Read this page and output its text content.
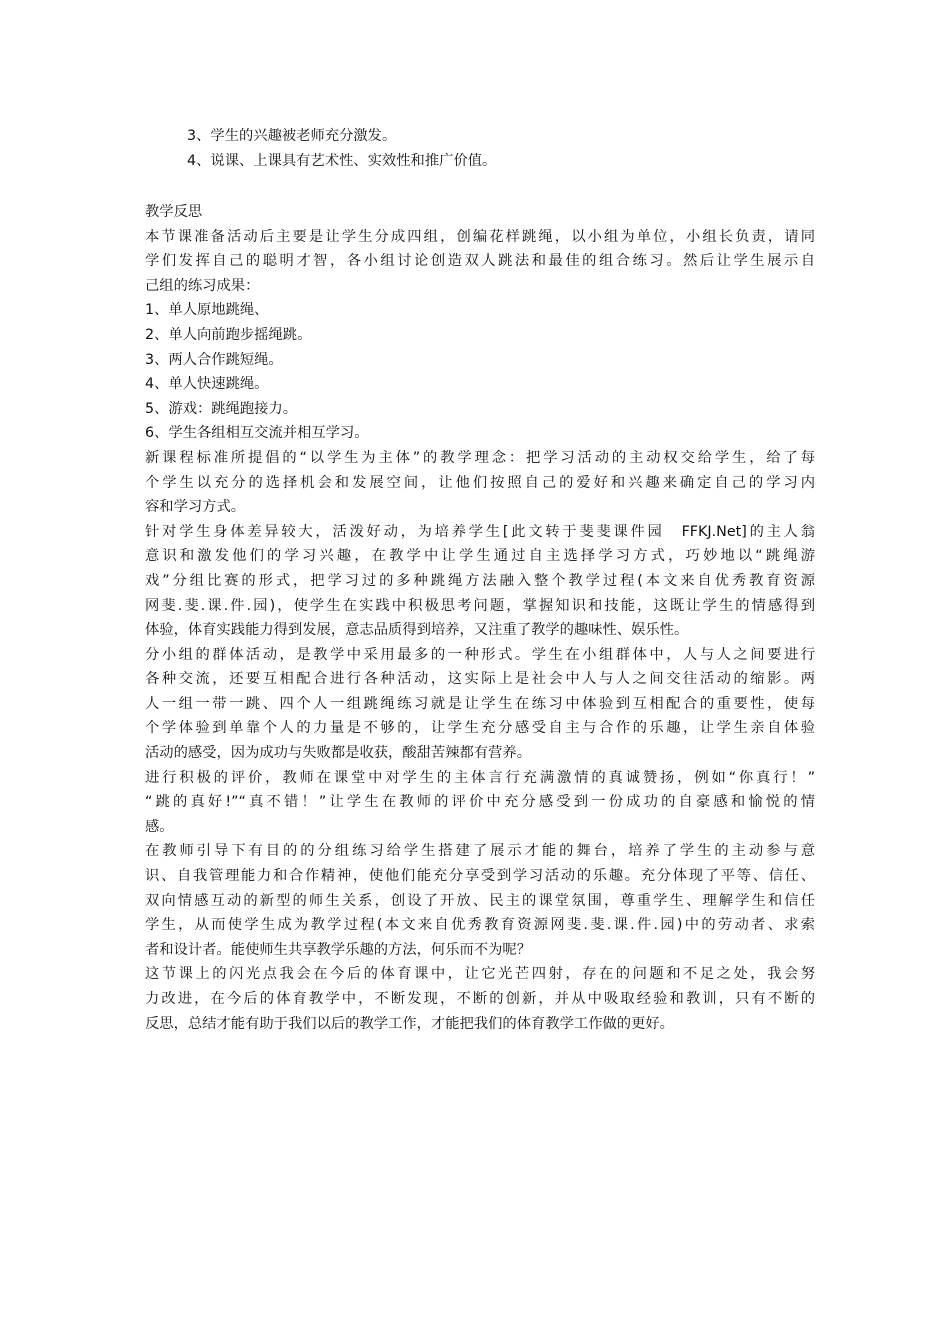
3、学生的兴趣被老师充分激发。
4、说课、上课具有艺术性、实效性和推广价值。
教学反思
本节课准备活动后主要是让学生分成四组，创编花样跳绳，以小组为单位，小组长负责，请同
学们发挥自己的聪明才智，各小组讨论创造双人跳法和最佳的组合练习。然后让学生展示自
己组的练习成果：
1、单人原地跳绳、
2、单人向前跑步摇绳跳。
3、两人合作跳短绳。
4、单人快速跳绳。
5、游戏：跳绳跑接力。
6、学生各组相互交流并相互学习。
新课程标准所提倡的“以学生为主体”的教学理念：把学习活动的主动权交给学生，给了每
个学生以充分的选择机会和发展空间，让他们按照自己的爱好和兴趣来确定自己的学习内
容和学习方式。
针对学生身体差异较大，活泼好动，为培养学生[此文转于斐斐课件园　FFKJ.Net]的主人翁
意识和激发他们的学习兴趣，在教学中让学生通过自主选择学习方式，巧妙地以“跳绳游
戏”分组比赛的形式，把学习过的多种跳绳方法融入整个教学过程(本文来自优秀教育资源
网斐.斐.课.件.园)，使学生在实践中积极思考问题，掌握知识和技能，这既让学生的情感得到
体验，体育实践能力得到发展，意志品质得到培养，又注重了教学的趣味性、娱乐性。
分小组的群体活动，是教学中采用最多的一种形式。学生在小组群体中，人与人之间要进行
各种交流，还要互相配合进行各种活动，这实际上是社会中人与人之间交往活动的缩影。两
人一组一带一跳、四个人一组跳绳练习就是让学生在练习中体验到互相配合的重要性，使每
个学体验到单靠个人的力量是不够的，让学生充分感受自主与合作的乐趣，让学生亲自体验
活动的感受，因为成功与失败都是收获，酸甜苦辣都有营养。
进行积极的评价，教师在课堂中对学生的主体言行充满激情的真诚赞扬，例如“你真行！”
“跳的真好!”“真不错！”让学生在教师的评价中充分感受到一份成功的自豪感和愉悦的情
感。
在教师引导下有目的的分组练习给学生搭建了展示才能的舞台，培养了学生的主动参与意
识、自我管理能力和合作精神，使他们能充分享受到学习活动的乐趣。充分体现了平等、信任、
双向情感互动的新型的师生关系，创设了开放、民主的课堂氛围，尊重学生、理解学生和信任
学生，从而使学生成为教学过程(本文来自优秀教育资源网斐.斐.课.件.园)中的劳动者、求索
者和设计者。能使师生共享教学乐趣的方法，何乐而不为呢？
这节课上的闪光点我会在今后的体育课中，让它光芒四射，存在的问题和不足之处，我会努
力改进，在今后的体育教学中，不断发现，不断的创新，并从中吸取经验和教训，只有不断的
反思，总结才能有助于我们以后的教学工作，才能把我们的体育教学工作做的更好。
